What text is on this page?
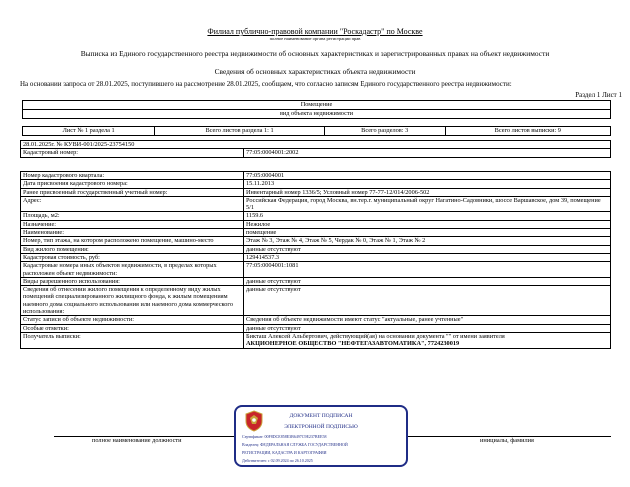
Филиал публично-правовой компании "Роскадастр" по Москве
полное наименование органа регистрации прав
Выписка из Единого государственного реестра недвижимости об основных характеристиках и зарегистрированных правах на объект недвижимости
Сведения об основных характеристиках объекта недвижимости
На основании запроса от 28.01.2025, поступившего на рассмотрение 28.01.2025, сообщаем, что согласно записям Единого государственного реестра недвижимости:
Раздел 1 Лист 1
Помещение
вид объекта недвижимости
Лист № 1 раздела 1	Всего листов раздела 1: 1	Всего разделов: 3	Всего листов выписки: 9
28.01.2025г. № КУВИ-001/2025-23754150
Кадастровый номер:	77:05:0004001:2002
Номер кадастрового квартала:	77:05:0004001
Дата присвоения кадастрового номера:	15.11.2013
Ранее присвоенный государственный учетный номер:	Инвентарный номер 1336/5; Условный номер 77-77-12/014/2006-502
Адрес:	Российская Федерация, город Москва, вн.тер.г. муниципальный округ Нагатино-Садовники, шоссе Варшавское, дом 39, помещение 5/1
Площадь, м2:	1159.6
Назначение:	Нежилое
Наименование:	помещение
Номер, тип этажа, на котором расположено помещение, машино-место	Этаж № 3, Этаж № 4, Этаж № 5, Чердак № 0, Этаж № 1, Этаж № 2
Вид жилого помещения:	данные отсутствуют
Кадастровая стоимость, руб:	129414537.3
Кадастровые номера иных объектов недвижимости, в пределах которых расположен объект недвижимости:	77:05:0004001:1081
Виды разрешенного использования:	данные отсутствуют
Сведения об отнесении жилого помещения к определенному виду жилых помещений специализированного жилищного фонда, к жилым помещениям наемного дома социального использования или наемного дома коммерческого использования:	данные отсутствуют
Статус записи об объекте недвижимости:	Сведения об объекте недвижимости имеют статус "актуальные, ранее учтенные"
Особые отметки:	данные отсутствуют
Получатель выписки:	Бикташ Алексей Альбертович, действующий(ая) на основании документа "" от имени заявителя
АКЦИОНЕРНОЕ ОБЩЕСТВО "НЕФТЕГАЗАВТОМАТИКА", 7724230019
полное наименование должности	инициалы, фамилия
ДОКУМЕНТ ПОДПИСАН
ЭЛЕКТРОННОЙ ПОДПИСЬЮ
Сертификат: 00F8DCE858E3B6497C9E237BEE58
Владелец: ФЕДЕРАЛЬНАЯ СЛУЖБА ГОСУДАРСТВЕННОЙ
РЕГИСТРАЦИИ, КАДАСТРА И КАРТОГРАФИИ
Действителен: с 02.09.2024 по 26.10.2025
